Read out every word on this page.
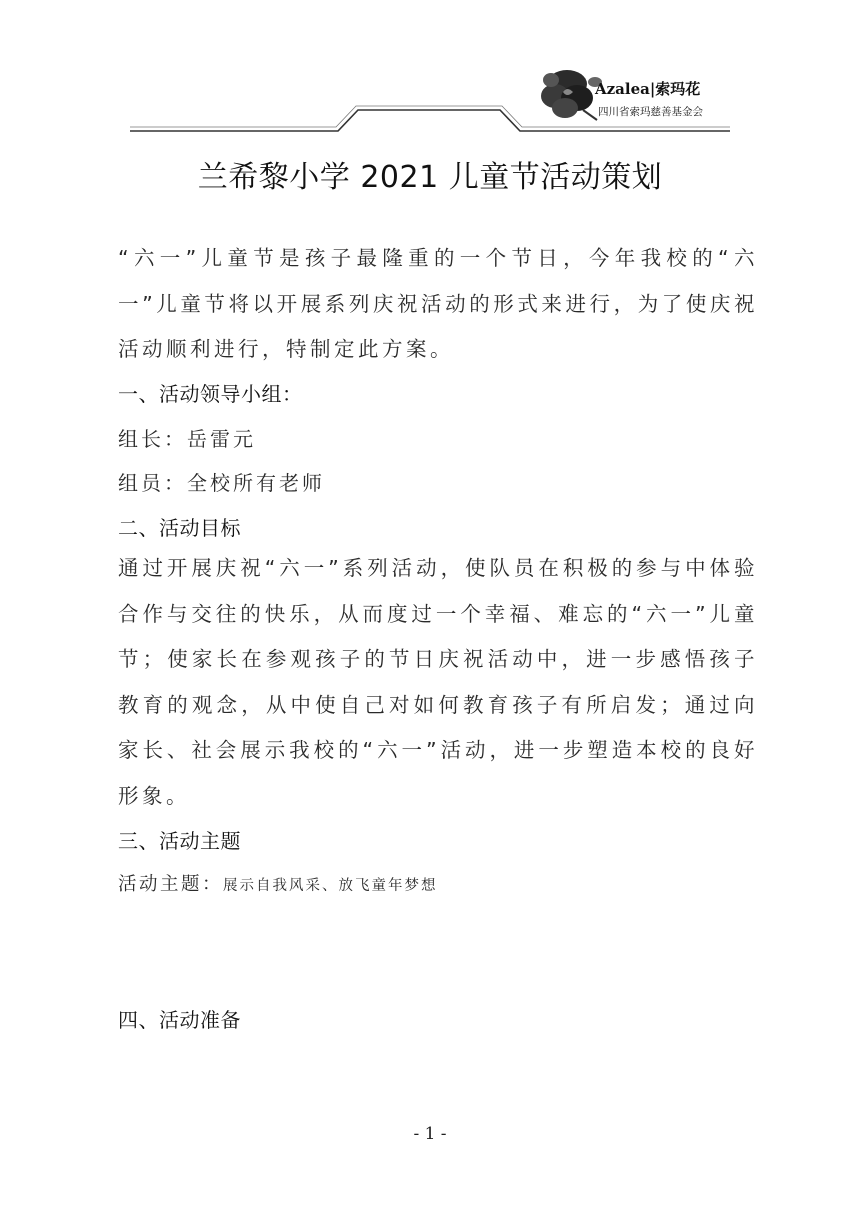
Azalea|索玛花
四川省索玛慈善基金会
兰希黎小学 2021 儿童节活动策划
“六一”儿童节是孩子最隆重的一个节日，今年我校的“六一”儿童节将以开展系列庆祝活动的形式来进行，为了使庆祝活动顺利进行，特制定此方案。
一、活动领导小组：
组长：岳雷元
组员：全校所有老师
二、活动目标
通过开展庆祝“六一”系列活动，使队员在积极的参与中体验合作与交往的快乐，从而度过一个幸福、难忘的“六一”儿童节；使家长在参观孩子的节日庆祝活动中，进一步感悟孩子教育的观念，从中使自己对如何教育孩子有所启发；通过向家长、社会展示我校的“六一”活动，进一步塑造本校的良好形象。
三、活动主题
活动主题：展示自我风采、放飞童年梦想
四、活动准备
- 1 -
